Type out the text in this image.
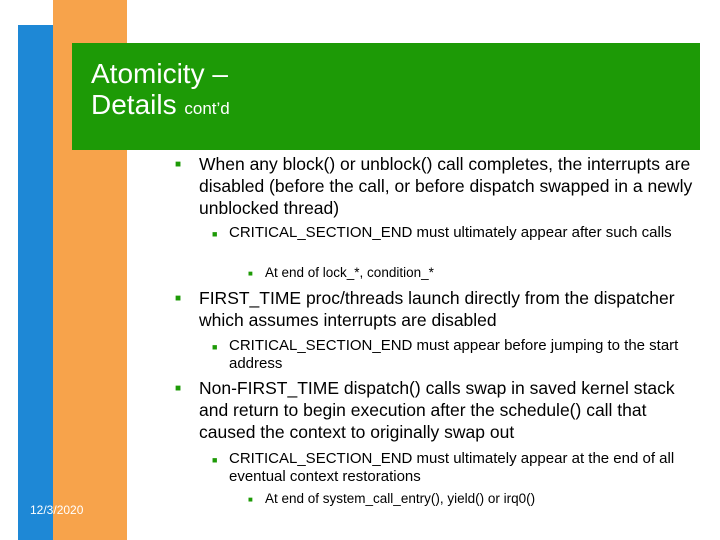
Atomicity –
Details cont’d
12/3/2020
■	When any block() or unblock() call completes, the interrupts are disabled (before the call, or before dispatch swapped in a newly unblocked thread)
■ CRITICAL_SECTION_END must ultimately appear after such calls
■ At end of lock_*, condition_*
■	FIRST_TIME proc/threads launch directly from the dispatcher which assumes interrupts are disabled
■ CRITICAL_SECTION_END must appear before jumping to the start address
■	Non-FIRST_TIME dispatch() calls swap in saved kernel stack and return to begin execution after the schedule() call that caused the context to originally swap out
■ CRITICAL_SECTION_END must ultimately appear at the end of all eventual context restorations
■ At end of system_call_entry(), yield() or irq0()
